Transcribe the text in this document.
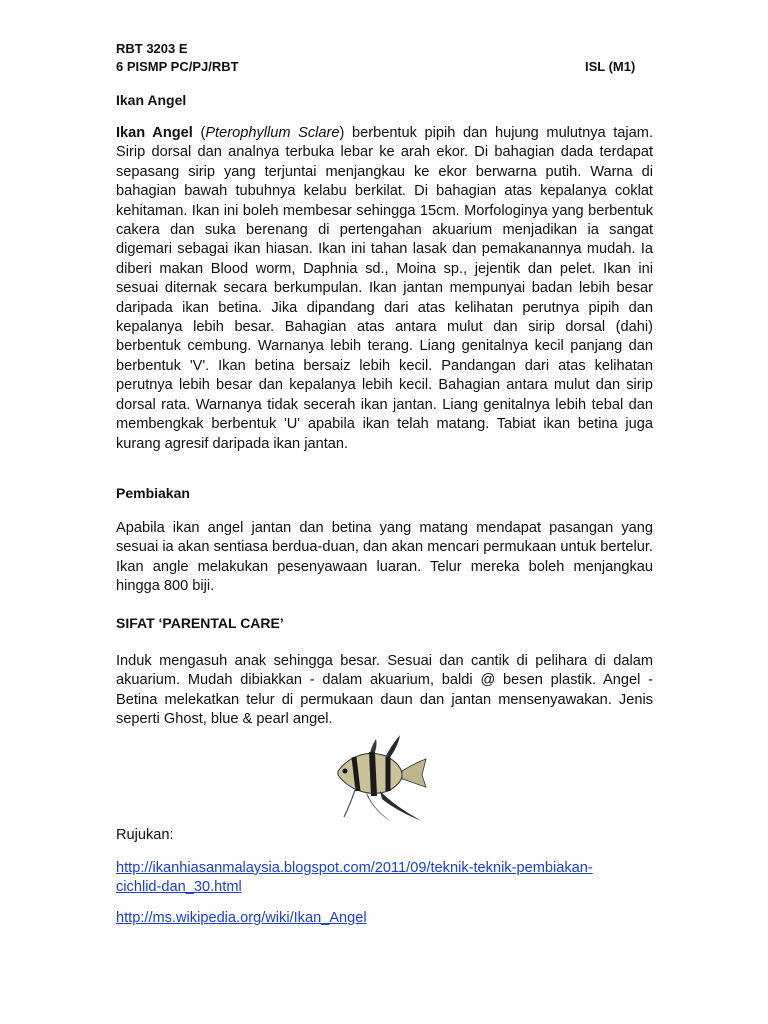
RBT 3203 E
6 PISMP PC/PJ/RBT	ISL (M1)
Ikan Angel

Ikan Angel (Pterophyllum Sclare) berbentuk pipih dan hujung mulutnya tajam. Sirip dorsal dan analnya terbuka lebar ke arah ekor. Di bahagian dada terdapat sepasang sirip yang terjuntai menjangkau ke ekor berwarna putih. Warna di bahagian bawah tubuhnya kelabu berkilat. Di bahagian atas kepalanya coklat kehitaman. Ikan ini boleh membesar sehingga 15cm. Morfologinya yang berbentuk cakera dan suka berenang di pertengahan akuarium menjadikan ia sangat digemari sebagai ikan hiasan. Ikan ini tahan lasak dan pemakanannya mudah. Ia diberi makan Blood worm, Daphnia sd., Moina sp., jejentik dan pelet. Ikan ini sesuai diternak secara berkumpulan. Ikan jantan mempunyai badan lebih besar daripada ikan betina. Jika dipandang dari atas kelihatan perutnya pipih dan kepalanya lebih besar. Bahagian atas antara mulut dan sirip dorsal (dahi) berbentuk cembung. Warnanya lebih terang. Liang genitalnya kecil panjang dan berbentuk 'V'. Ikan betina bersaiz lebih kecil. Pandangan dari atas kelihatan perutnya lebih besar dan kepalanya lebih kecil. Bahagian antara mulut dan sirip dorsal rata. Warnanya tidak secerah ikan jantan. Liang genitalnya lebih tebal dan membengkak berbentuk 'U' apabila ikan telah matang. Tabiat ikan betina juga kurang agresif daripada ikan jantan.

Pembiakan
Apabila ikan angel jantan dan betina yang matang mendapat pasangan yang sesuai ia akan sentiasa berdua-duan, dan akan mencari permukaan untuk bertelur. Ikan angle melakukan pesenyawaan luaran. Telur mereka boleh menjangkau hingga 800 biji.
SIFAT ‘PARENTAL CARE’
Induk mengasuh anak sehingga besar. Sesuai dan cantik di pelihara di dalam akuarium. Mudah dibiakkan - dalam akuarium, baldi @ besen plastik. Angel - Betina melekatkan telur di permukaan daun dan jantan mensenyawakan. Jenis seperti Ghost, blue & pearl angel.
Rujukan:
http://ikanhiasanmalaysia.blogspot.com/2011/09/teknik-teknik-pembiakan-
cichlid-dan_30.html
http://ms.wikipedia.org/wiki/Ikan_Angel
